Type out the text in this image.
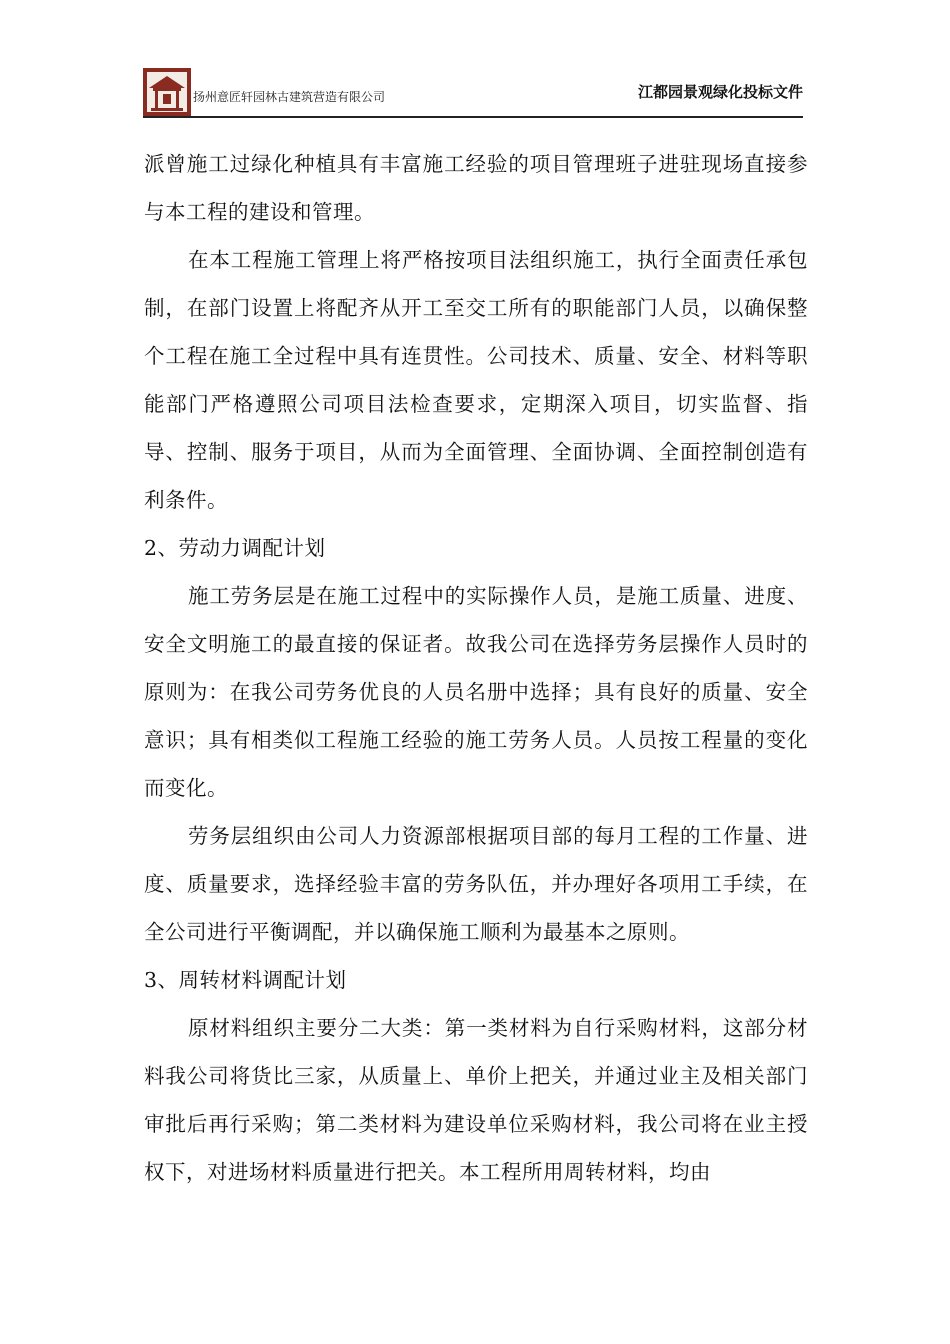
扬州意匠轩园林古建筑营造有限公司	江都园景观绿化投标文件

派曾施工过绿化种植具有丰富施工经验的项目管理班子进驻现场直接参与本工程的建设和管理。

在本工程施工管理上将严格按项目法组织施工，执行全面责任承包制，在部门设置上将配齐从开工至交工所有的职能部门人员，以确保整个工程在施工全过程中具有连贯性。公司技术、质量、安全、材料等职能部门严格遵照公司项目法检查要求，定期深入项目，切实监督、指导、控制、服务于项目，从而为全面管理、全面协调、全面控制创造有利条件。

2、劳动力调配计划

施工劳务层是在施工过程中的实际操作人员，是施工质量、进度、安全文明施工的最直接的保证者。故我公司在选择劳务层操作人员时的原则为：在我公司劳务优良的人员名册中选择；具有良好的质量、安全意识；具有相类似工程施工经验的施工劳务人员。人员按工程量的变化而变化。

劳务层组织由公司人力资源部根据项目部的每月工程的工作量、进度、质量要求，选择经验丰富的劳务队伍，并办理好各项用工手续，在全公司进行平衡调配，并以确保施工顺利为最基本之原则。

3、周转材料调配计划

原材料组织主要分二大类：第一类材料为自行采购材料，这部分材料我公司将货比三家，从质量上、单价上把关，并通过业主及相关部门审批后再行采购；第二类材料为建设单位采购材料，我公司将在业主授权下，对进场材料质量进行把关。本工程所用周转材料，均由
